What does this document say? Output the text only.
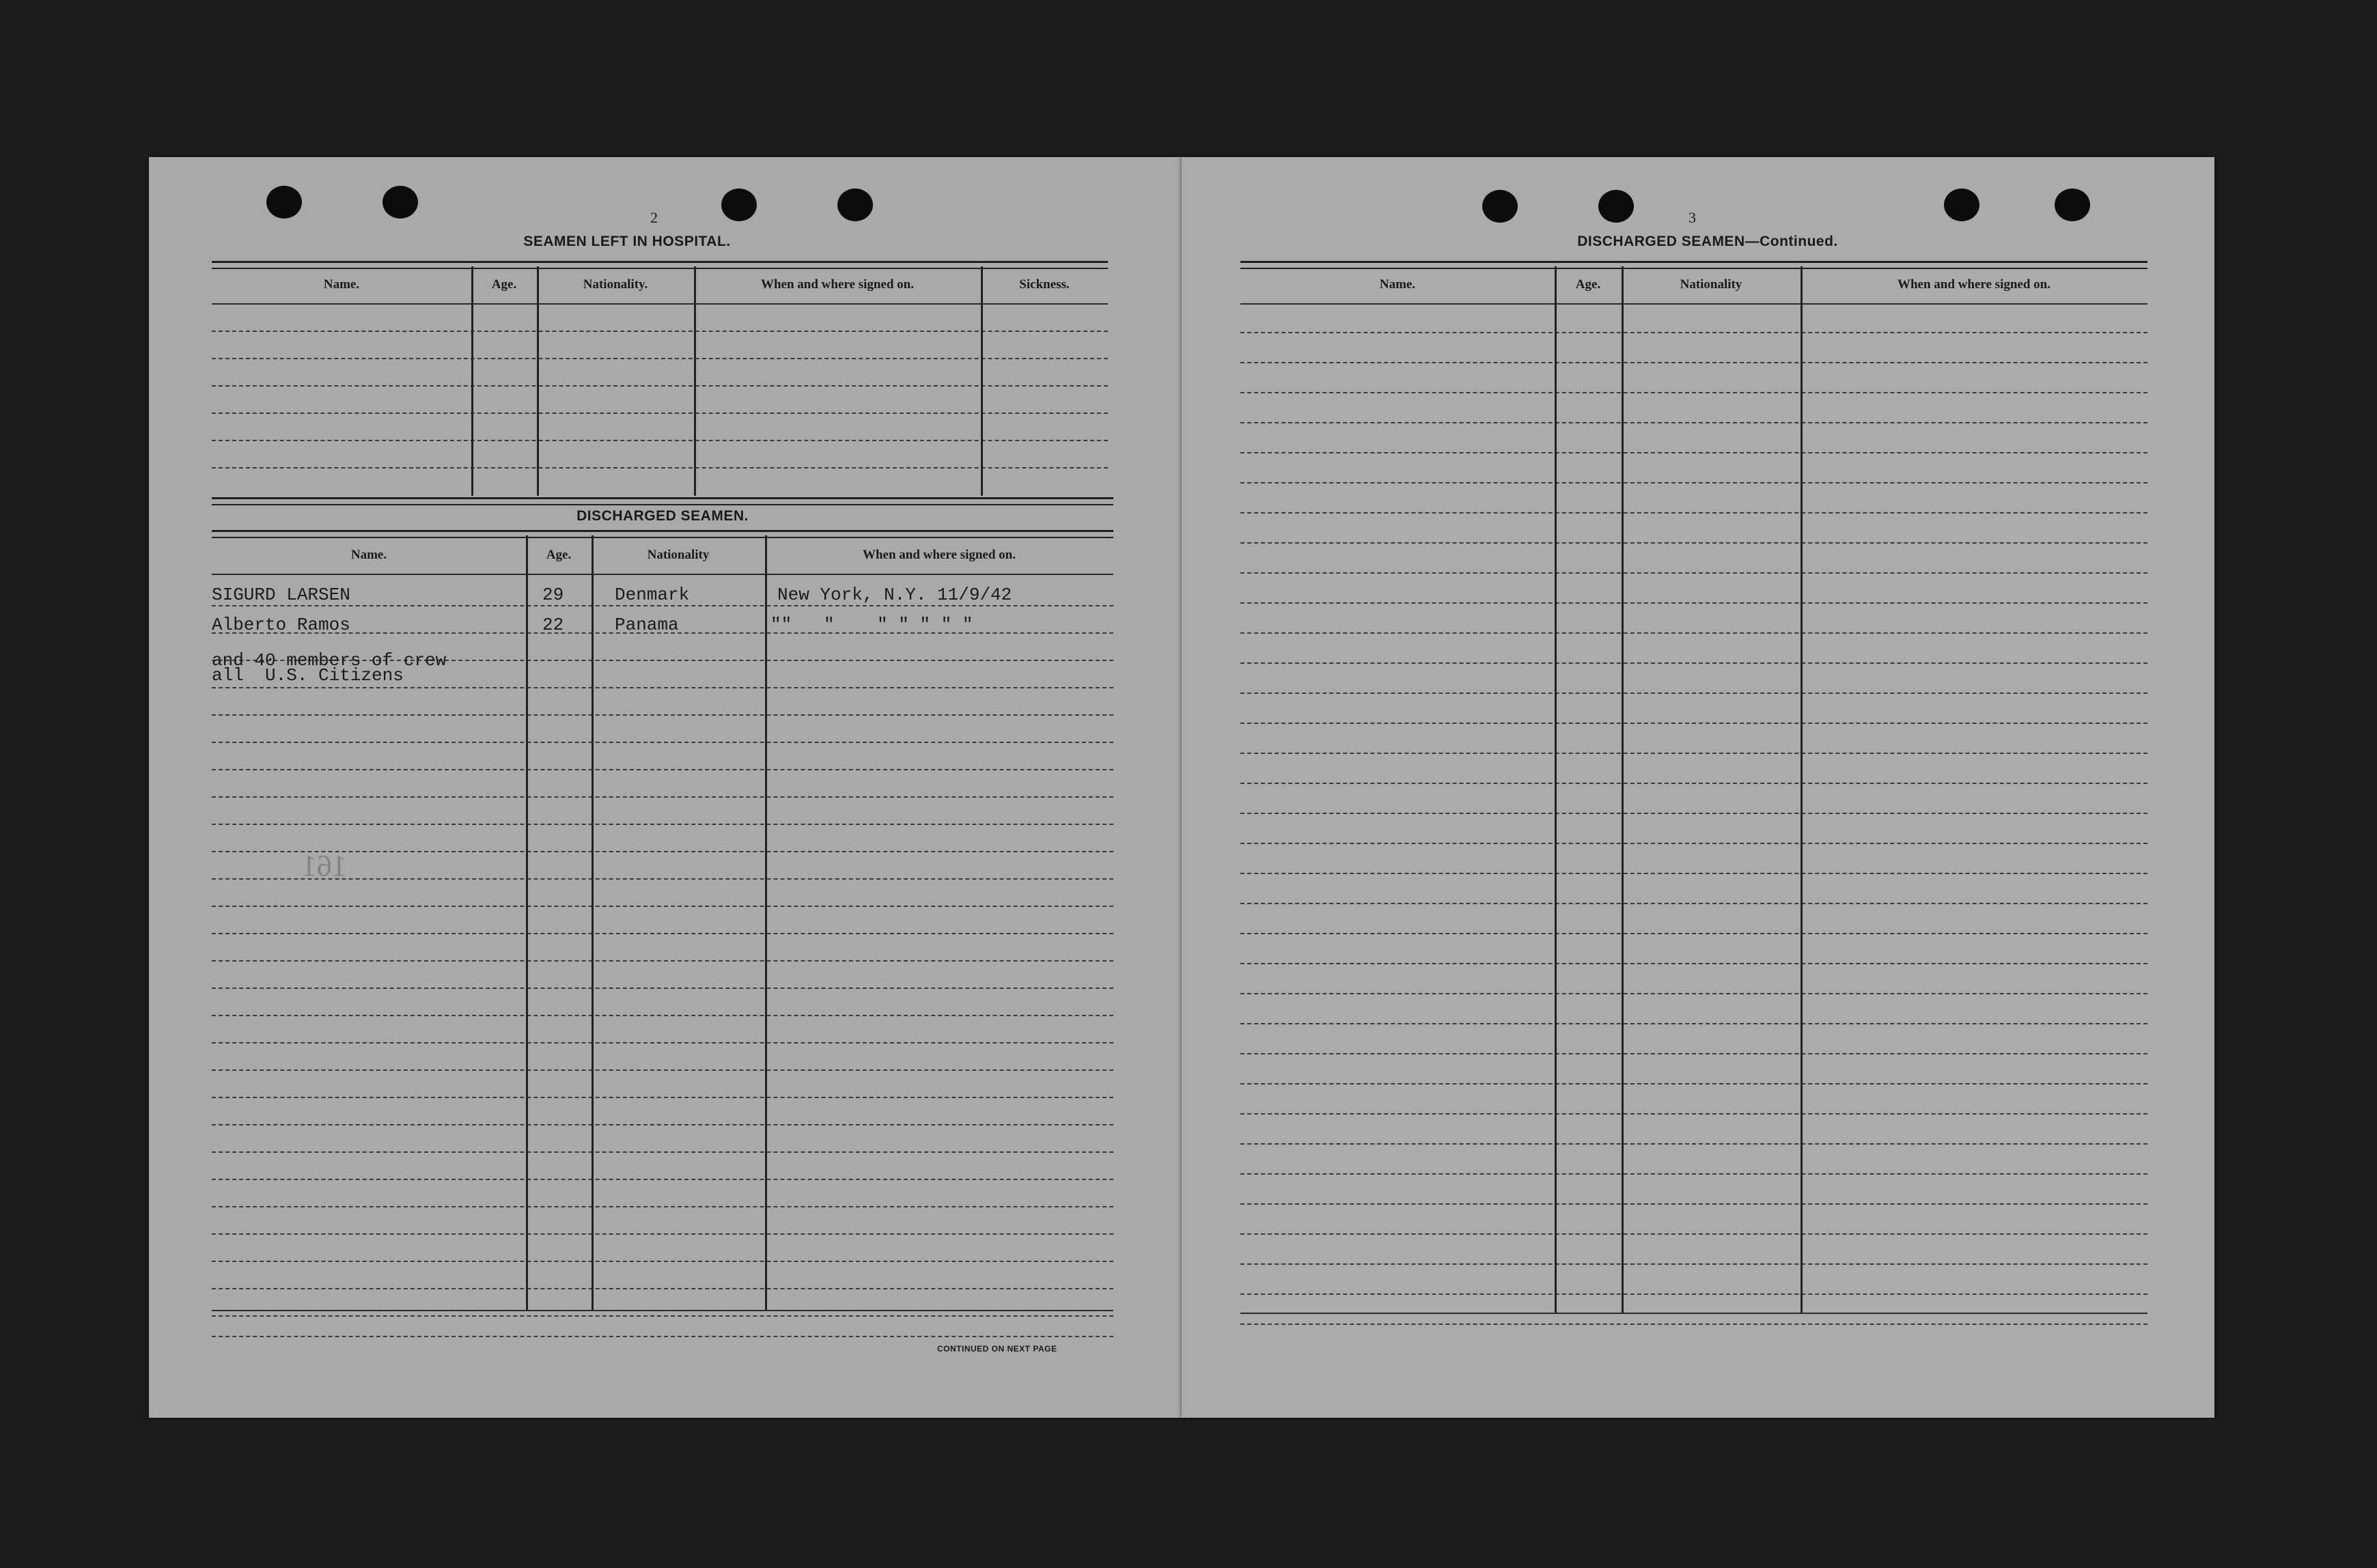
2
SEAMEN LEFT IN HOSPITAL.
Name.	Age.	Nationality.	When and where signed on.	Sickness.
DISCHARGED SEAMEN.
Name.	Age.	Nationality	When and where signed on.
SIGURD LARSEN	29	Denmark	New York, N.Y. 11/9/42
Alberto Ramos	22	Panama	""   "    " " " " "
and 40 members of crew
all  U.S. Citizens
161
CONTINUED ON NEXT PAGE
3
DISCHARGED SEAMEN—Continued.
Name.	Age.	Nationality	When and where signed on.
